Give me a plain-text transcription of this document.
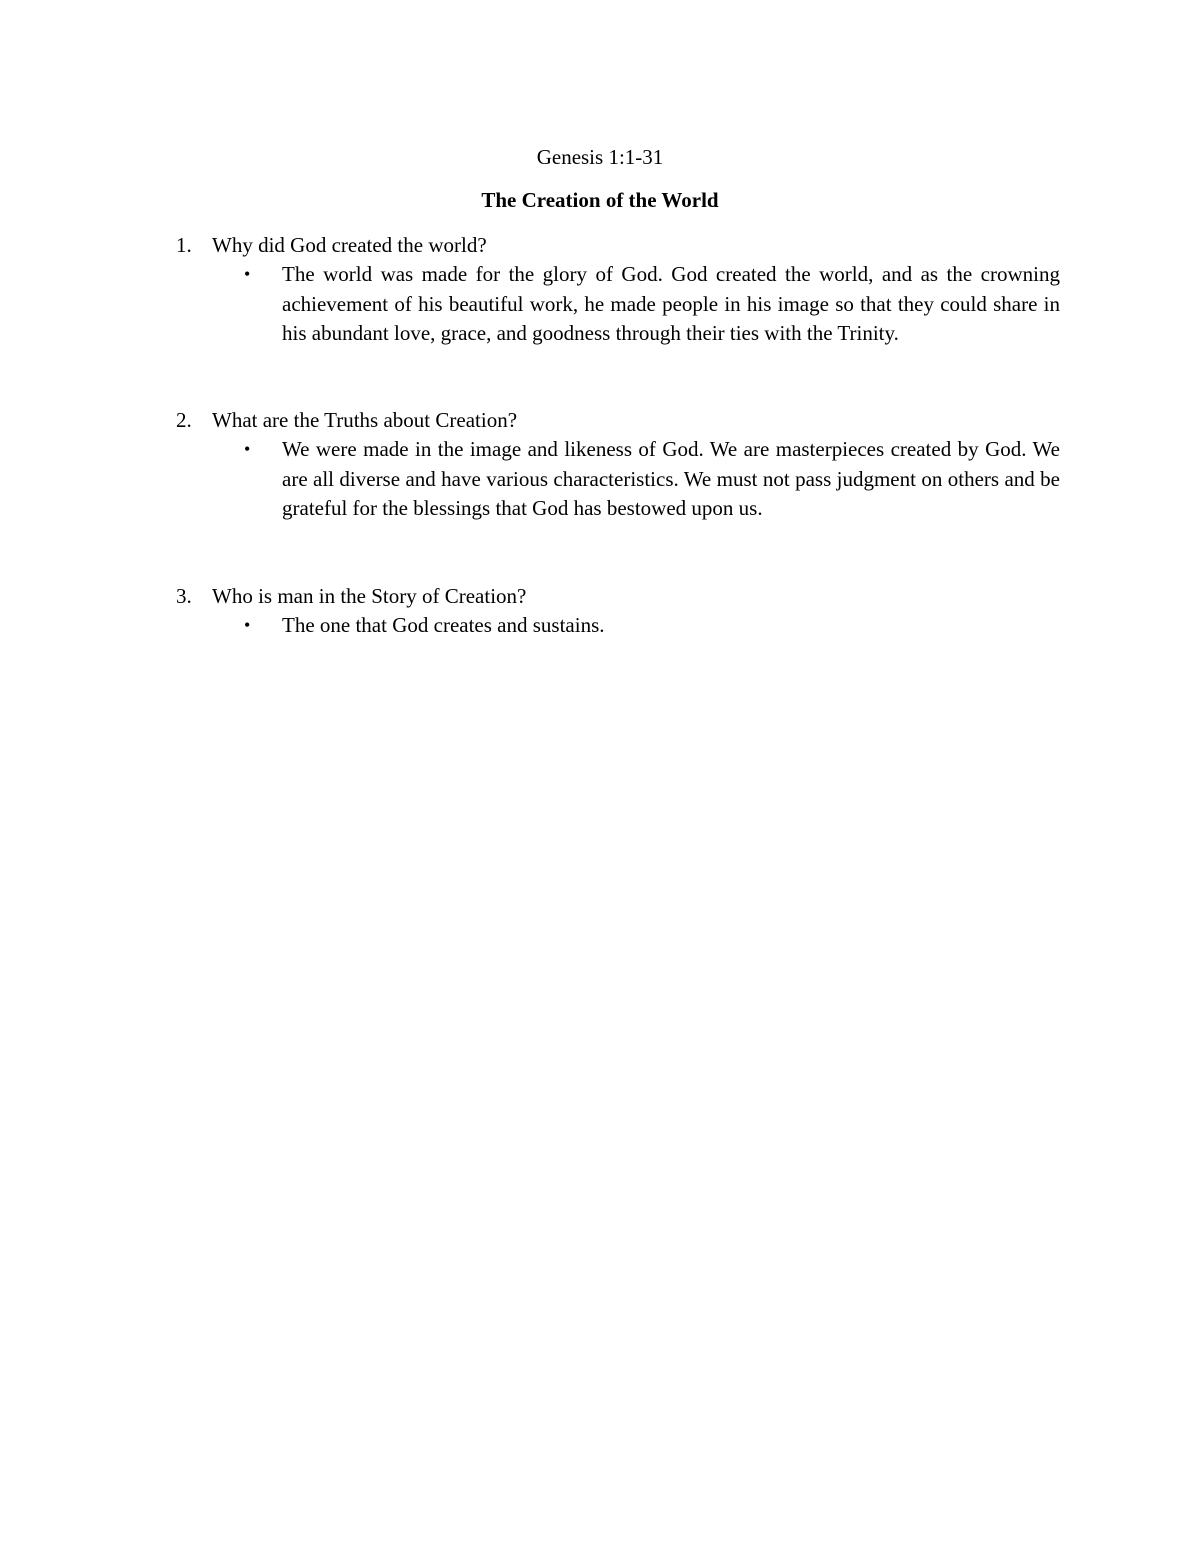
Genesis 1:1-31
The Creation of the World
1. Why did God created the world?
•	The world was made for the glory of God. God created the world, and as the crowning achievement of his beautiful work, he made people in his image so that they could share in his abundant love, grace, and goodness through their ties with the Trinity.
2. What are the Truths about Creation?
•	We were made in the image and likeness of God. We are masterpieces created by God. We are all diverse and have various characteristics. We must not pass judgment on others and be grateful for the blessings that God has bestowed upon us.
3. Who is man in the Story of Creation?
•	The one that God creates and sustains.
